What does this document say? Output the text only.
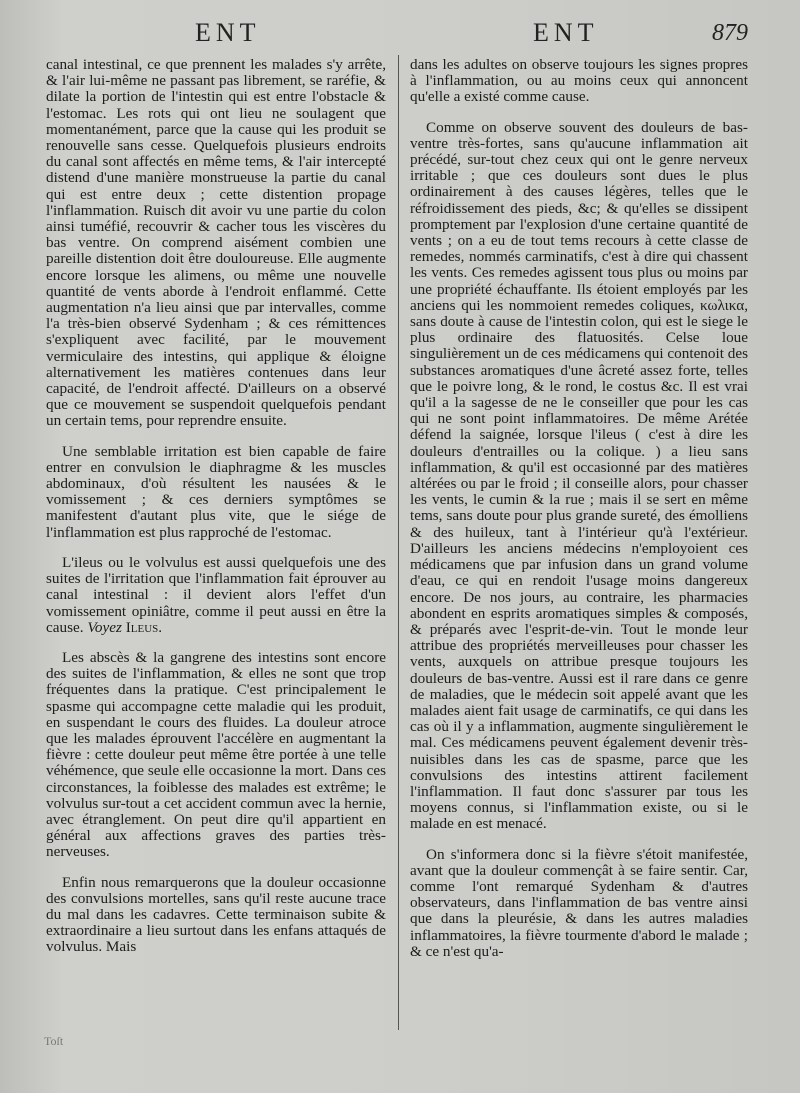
ENT	ENT	879

canal intestinal, ce que prennent les malades s'y arrête, & l'air lui-même ne passant pas librement, se raréfie, & dilate la portion de l'intestin qui est entre l'obstacle & l'estomac. Les rots qui ont lieu ne soulagent que momentanément, parce que la cause qui les produit se renouvelle sans cesse. Quelquefois plusieurs endroits du canal sont affectés en même tems, & l'air intercepté distend d'une manière monstrueuse la partie du canal qui est entre deux ; cette distention propage l'inflammation. Ruisch dit avoir vu une partie du colon ainsi tuméfié, recouvrir & cacher tous les viscères du bas ventre. On comprend aisément combien une pareille distention doit être douloureuse. Elle augmente encore lorsque les alimens, ou même une nouvelle quantité de vents aborde à l'endroit enflammé. Cette augmentation n'a lieu ainsi que par intervalles, comme l'a très-bien observé Sydenham ; & ces rémittences s'expliquent avec facilité, par le mouvement vermiculaire des intestins, qui applique & éloigne alternativement les matières contenues dans leur capacité, de l'endroit affecté. D'ailleurs on a observé que ce mouvement se suspendoit quelquefois pendant un certain tems, pour reprendre ensuite.

Une semblable irritation est bien capable de faire entrer en convulsion le diaphragme & les muscles abdominaux, d'où résultent les nausées & le vomissement ; & ces derniers symptômes se manifestent d'autant plus vite, que le siége de l'inflammation est plus rapproché de l'estomac.

L'ileus ou le volvulus est aussi quelquefois une des suites de l'irritation que l'inflammation fait éprouver au canal intestinal : il devient alors l'effet d'un vomissement opiniâtre, comme il peut aussi en être la cause. Voyez Ileus.

Les abscès & la gangrene des intestins sont encore des suites de l'inflammation, & elles ne sont que trop fréquentes dans la pratique. C'est principalement le spasme qui accompagne cette maladie qui les produit, en suspendant le cours des fluides. La douleur atroce que les malades éprouvent l'accélère en augmentant la fièvre : cette douleur peut même être portée à une telle véhémence, que seule elle occasionne la mort. Dans ces circonstances, la foiblesse des malades est extrême; le volvulus sur-tout a cet accident commun avec la hernie, avec étranglement. On peut dire qu'il appartient en général aux affections graves des parties très-nerveuses.

Enfin nous remarquerons que la douleur occasionne des convulsions mortelles, sans qu'il reste aucune trace du mal dans les cadavres. Cette terminaison subite & extraordinaire a lieu surtout dans les enfans attaqués de volvulus. Mais

dans les adultes on observe toujours les signes propres à l'inflammation, ou au moins ceux qui annoncent qu'elle a existé comme cause.

Comme on observe souvent des douleurs de bas-ventre très-fortes, sans qu'aucune inflammation ait précédé, sur-tout chez ceux qui ont le genre nerveux irritable ; que ces douleurs sont dues le plus ordinairement à des causes légères, telles que le réfroidissement des pieds, &c; & qu'elles se dissipent promptement par l'explosion d'une certaine quantité de vents ; on a eu de tout tems recours à cette classe de remedes, nommés carminatifs, c'est à dire qui chassent les vents. Ces remedes agissent tous plus ou moins par une propriété échauffante. Ils étoient employés par les anciens qui les nommoient remedes coliques, κωλικα, sans doute à cause de l'intestin colon, qui est le siege le plus ordinaire des flatuosités. Celse loue singulièrement un de ces médicamens qui contenoit des substances aromatiques d'une âcreté assez forte, telles que le poivre long, & le rond, le costus &c. Il est vrai qu'il a la sagesse de ne le conseiller que pour les cas qui ne sont point inflammatoires. De même Arétée défend la saignée, lorsque l'ileus ( c'est à dire les douleurs d'entrailles ou la colique. ) a lieu sans inflammation, & qu'il est occasionné par des matières altérées ou par le froid ; il conseille alors, pour chasser les vents, le cumin & la rue ; mais il se sert en même tems, sans doute pour plus grande sureté, des émolliens & des huileux, tant à l'intérieur qu'à l'extérieur. D'ailleurs les anciens médecins n'employoient ces médicamens que par infusion dans un grand volume d'eau, ce qui en rendoit l'usage moins dangereux encore. De nos jours, au contraire, les pharmacies abondent en esprits aromatiques simples & composés, & préparés avec l'esprit-de-vin. Tout le monde leur attribue des propriétés merveilleuses pour chasser les vents, auxquels on attribue presque toujours les douleurs de bas-ventre. Aussi est il rare dans ce genre de maladies, que le médecin soit appelé avant que les malades aient fait usage de carminatifs, ce qui dans les cas où il y a inflammation, augmente singulièrement le mal. Ces médicamens peuvent également devenir très-nuisibles dans les cas de spasme, parce que les convulsions des intestins attirent facilement l'inflammation. Il faut donc s'assurer par tous les moyens connus, si l'inflammation existe, ou si le malade en est menacé.

On s'informera donc si la fièvre s'étoit manifestée, avant que la douleur commençât à se faire sentir. Car, comme l'ont remarqué Sydenham & d'autres observateurs, dans l'inflammation de bas ventre ainsi que dans la pleurésie, & dans les autres maladies inflammatoires, la fièvre tourmente d'abord le malade ; & ce n'est qu'a-

Toſt
